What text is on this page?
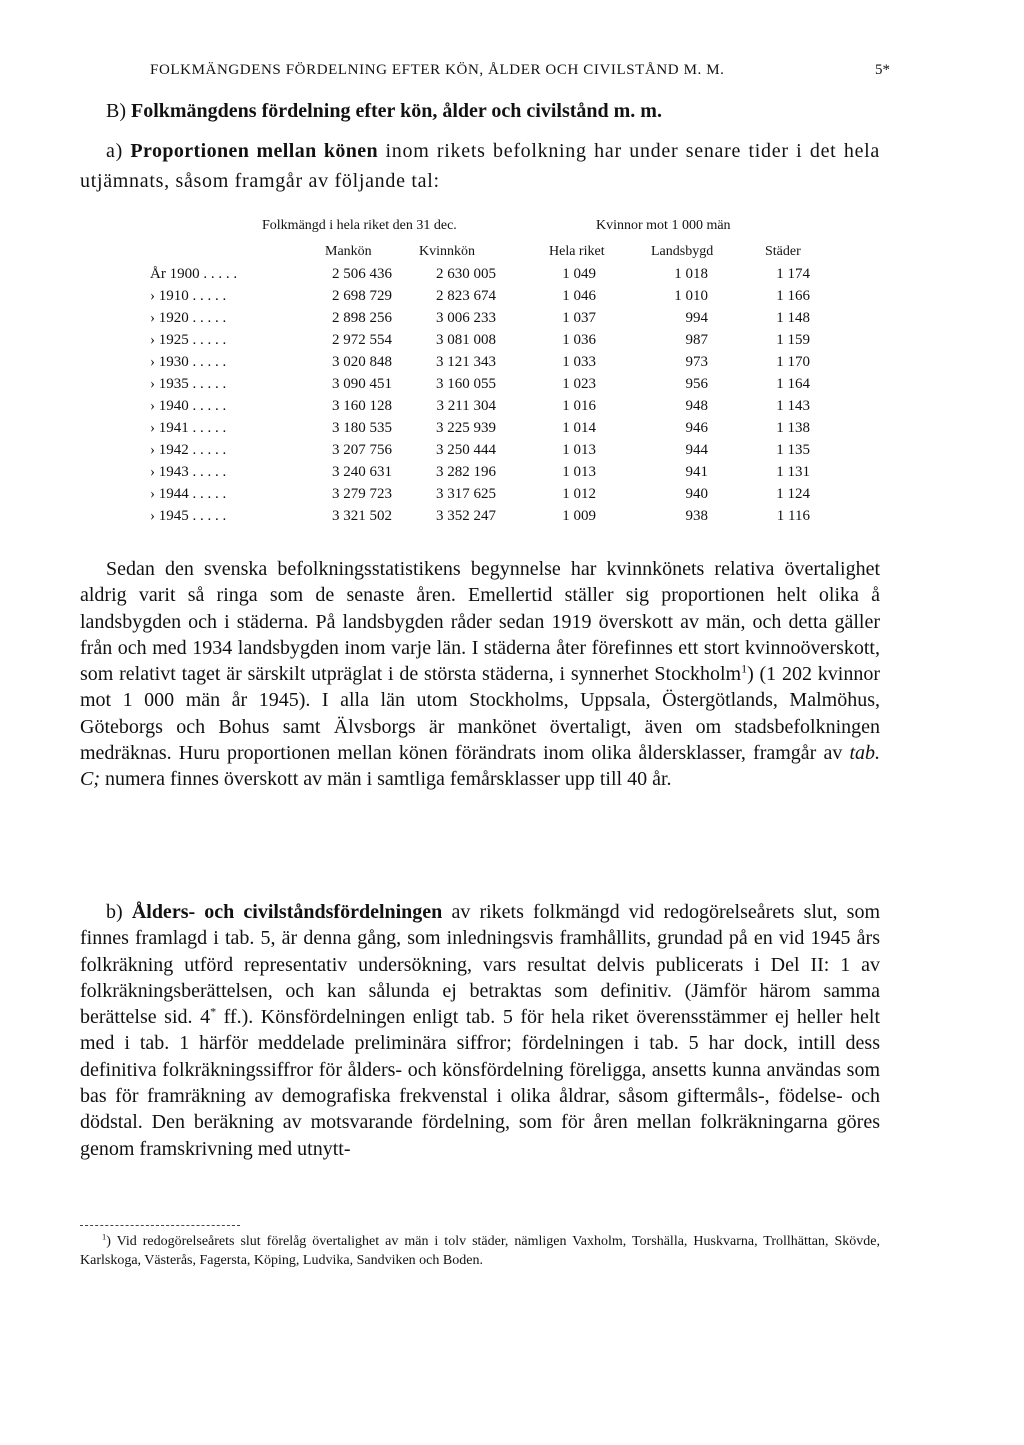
FOLKMÄNGDENS FÖRDELNING EFTER KÖN, ÅLDER OCH CIVILSTÅND M. M.	5*
B) Folkmängdens fördelning efter kön, ålder och civilstånd m. m.
a) Proportionen mellan könen inom rikets befolkning har under senare tider i det hela utjämnats, såsom framgår av följande tal:
Folkmängd i hela riket den 31 dec.	Kvinnor mot 1 000 män
Mankön	Kvinnkön	Hela riket	Landsbygd	Städer
År 1900 . . . . .	2 506 436	2 630 005	1 049	1 018	1 174
› 1910 . . . . .	2 698 729	2 823 674	1 046	1 010	1 166
› 1920 . . . . .	2 898 256	3 006 233	1 037	994	1 148
› 1925 . . . . .	2 972 554	3 081 008	1 036	987	1 159
› 1930 . . . . .	3 020 848	3 121 343	1 033	973	1 170
› 1935 . . . . .	3 090 451	3 160 055	1 023	956	1 164
› 1940 . . . . .	3 160 128	3 211 304	1 016	948	1 143
› 1941 . . . . .	3 180 535	3 225 939	1 014	946	1 138
› 1942 . . . . .	3 207 756	3 250 444	1 013	944	1 135
› 1943 . . . . .	3 240 631	3 282 196	1 013	941	1 131
› 1944 . . . . .	3 279 723	3 317 625	1 012	940	1 124
› 1945 . . . . .	3 321 502	3 352 247	1 009	938	1 116

Sedan den svenska befolkningsstatistikens begynnelse har kvinnkönets relativa övertalighet aldrig varit så ringa som de senaste åren. Emellertid ställer sig proportionen helt olika å landsbygden och i städerna. På landsbygden råder sedan 1919 överskott av män, och detta gäller från och med 1934 landsbygden inom varje län. I städerna åter förefinnes ett stort kvinnoöverskott, som relativt taget är särskilt utpräglat i de största städerna, i synnerhet Stockholm$^1$) (1 202 kvinnor mot 1 000 män år 1945). I alla län utom Stockholms, Uppsala, Östergötlands, Malmöhus, Göteborgs och Bohus samt Älvsborgs är mankönet övertaligt, även om stadsbefolkningen medräknas. Huru proportionen mellan könen förändrats inom olika åldersklasser, framgår av tab. C; numera finnes överskott av män i samtliga femårsklasser upp till 40 år.

b) Ålders- och civilståndsfördelningen av rikets folkmängd vid redogörelseårets slut, som finnes framlagd i tab. 5, är denna gång, som inledningsvis framhållits, grundad på en vid 1945 års folkräkning utförd representativ undersökning, vars resultat delvis publicerats i Del II: 1 av folkräkningsberättelsen, och kan sålunda ej betraktas som definitiv. (Jämför härom samma berättelse sid. 4* ff.). Könsfördelningen enligt tab. 5 för hela riket överensstämmer ej heller helt med i tab. 1 härför meddelade preliminära siffror; fördelningen i tab. 5 har dock, intill dess definitiva folkräkningssiffror för ålders- och könsfördelning föreligga, ansetts kunna användas som bas för framräkning av demografiska frekvenstal i olika åldrar, såsom giftermåls-, födelse- och dödstal. Den beräkning av motsvarande fördelning, som för åren mellan folkräkningarna göres genom framskrivning med utnytt-

$^1$) Vid redogörelseårets slut förelåg övertalighet av män i tolv städer, nämligen Vaxholm, Torshälla, Huskvarna, Trollhättan, Skövde, Karlskoga, Västerås, Fagersta, Köping, Ludvika, Sandviken och Boden.
